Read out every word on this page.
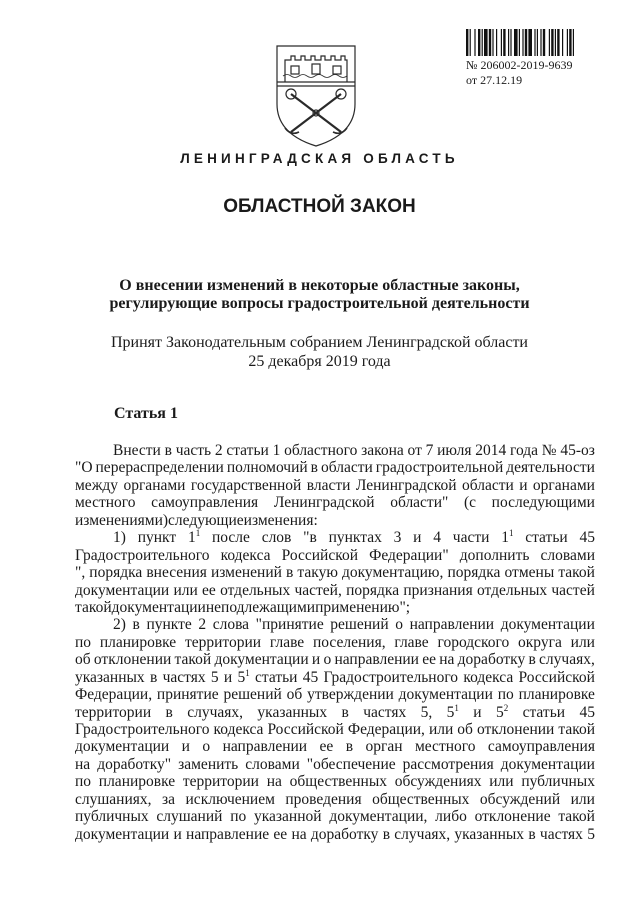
№ 206002-2019-9639
от 27.12.19
ЛЕНИНГРАДСКАЯ ОБЛАСТЬ
ОБЛАСТНОЙ ЗАКОН
О внесении изменений в некоторые областные законы,
регулирующие вопросы градостроительной деятельности
Принят Законодательным собранием Ленинградской области
25 декабря 2019 года
Статья 1
Внести в часть 2 статьи 1 областного закона от 7 июля 2014 года № 45-оз
"О перераспределении полномочий в области градостроительной деятельности
между органами государственной власти Ленинградской области и органами
местного самоуправления Ленинградской области" (с последующими
изменениями) следующие изменения:
1) пункт $1^1$ после слов "в пунктах 3 и 4 части $1^1$ статьи 45
Градостроительного кодекса Российской Федерации" дополнить словами
", порядка внесения изменений в такую документацию, порядка отмены такой
документации или ее отдельных частей, порядка признания отдельных частей
такой документации не подлежащими применению";
2) в пункте 2 слова "принятие решений о направлении документации
по планировке территории главе поселения, главе городского округа или
об отклонении такой документации и о направлении ее на доработку в случаях,
указанных в частях 5 и $5^1$ статьи 45 Градостроительного кодекса Российской
Федерации, принятие решений об утверждении документации по планировке
территории в случаях, указанных в частях 5, $5^1$ и $5^2$ статьи 45
Градостроительного кодекса Российской Федерации, или об отклонении такой
документации и о направлении ее в орган местного самоуправления
на доработку" заменить словами "обеспечение рассмотрения документации
по планировке территории на общественных обсуждениях или публичных
слушаниях, за исключением проведения общественных обсуждений или
публичных слушаний по указанной документации, либо отклонение такой
документации и направление ее на доработку в случаях, указанных в частях 5
